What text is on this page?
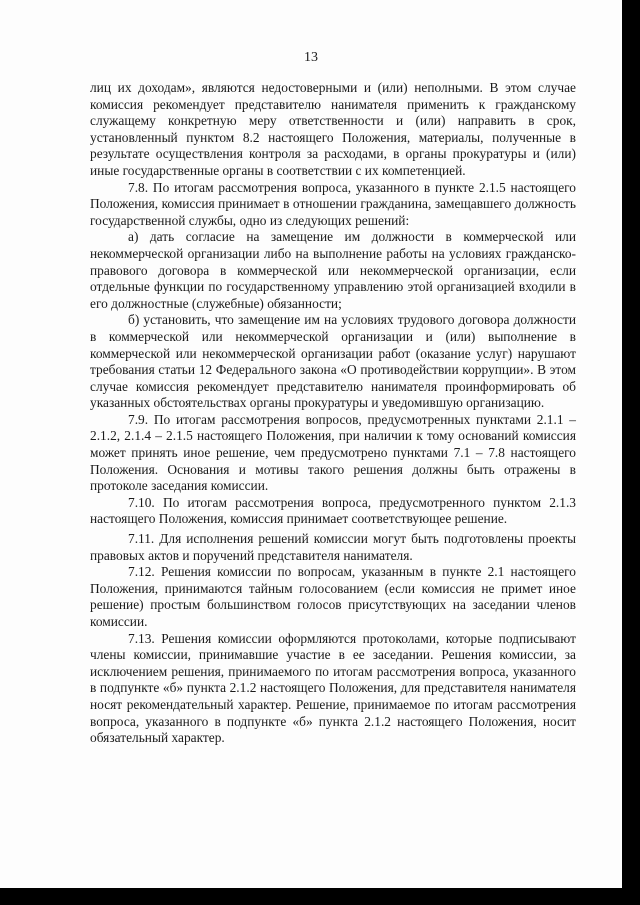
13

лиц их доходам», являются недостоверными и (или) неполными. В этом случае комиссия рекомендует представителю нанимателя применить к гражданскому служащему конкретную меру ответственности и (или) направить в срок, установленный пунктом 8.2 настоящего Положения, материалы, полученные в результате осуществления контроля за расходами, в органы прокуратуры и (или) иные государственные органы в соответствии с их компетенцией.

7.8. По итогам рассмотрения вопроса, указанного в пункте 2.1.5 настоящего Положения, комиссия принимает в отношении гражданина, замещавшего должность государственной службы, одно из следующих решений:

а) дать согласие на замещение им должности в коммерческой или некоммерческой организации либо на выполнение работы на условиях гражданско-правового договора в коммерческой или некоммерческой организации, если отдельные функции по государственному управлению этой организацией входили в его должностные (служебные) обязанности;

б) установить, что замещение им на условиях трудового договора должности в коммерческой или некоммерческой организации и (или) выполнение в коммерческой или некоммерческой организации работ (оказание услуг) нарушают требования статьи 12 Федерального закона «О противодействии коррупции». В этом случае комиссия рекомендует представителю нанимателя проинформировать об указанных обстоятельствах органы прокуратуры и уведомившую организацию.

7.9. По итогам рассмотрения вопросов, предусмотренных пунктами 2.1.1 – 2.1.2, 2.1.4 – 2.1.5 настоящего Положения, при наличии к тому оснований комиссия может принять иное решение, чем предусмотрено пунктами 7.1 – 7.8 настоящего Положения. Основания и мотивы такого решения должны быть отражены в протоколе заседания комиссии.

7.10. По итогам рассмотрения вопроса, предусмотренного пунктом 2.1.3 настоящего Положения, комиссия принимает соответствующее решение.

7.11. Для исполнения решений комиссии могут быть подготовлены проекты правовых актов и поручений представителя нанимателя.

7.12. Решения комиссии по вопросам, указанным в пункте 2.1 настоящего Положения, принимаются тайным голосованием (если комиссия не примет иное решение) простым большинством голосов присутствующих на заседании членов комиссии.

7.13. Решения комиссии оформляются протоколами, которые подписывают члены комиссии, принимавшие участие в ее заседании. Решения комиссии, за исключением решения, принимаемого по итогам рассмотрения вопроса, указанного в подпункте «б» пункта 2.1.2 настоящего Положения, для представителя нанимателя носят рекомендательный характер. Решение, принимаемое по итогам рассмотрения вопроса, указанного в подпункте «б» пункта 2.1.2 настоящего Положения, носит обязательный характер.
